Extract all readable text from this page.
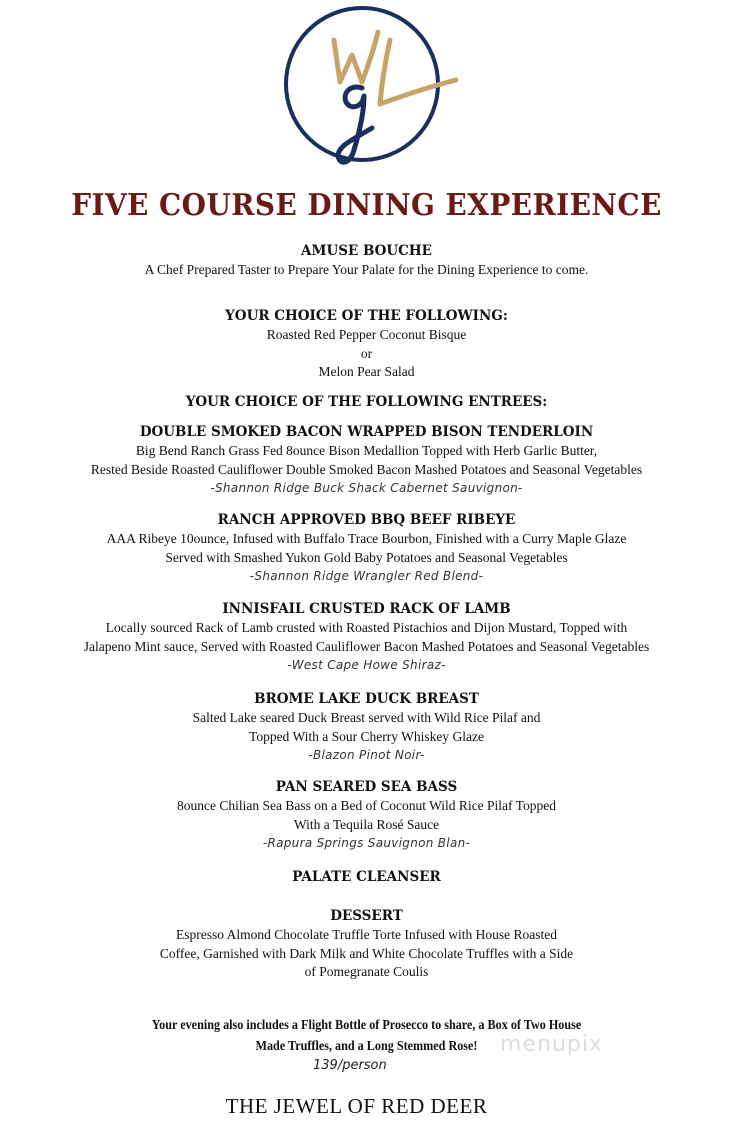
FIVE COURSE DINING EXPERIENCE
AMUSE BOUCHE
A Chef Prepared Taster to Prepare Your Palate for the Dining Experience to come.
YOUR CHOICE OF THE FOLLOWING:
Roasted Red Pepper Coconut Bisque
or
Melon Pear Salad
YOUR CHOICE OF THE FOLLOWING ENTREES:
DOUBLE SMOKED BACON WRAPPED BISON TENDERLOIN
Big Bend Ranch Grass Fed 8ounce Bison Medallion Topped with Herb Garlic Butter,
Rested Beside Roasted Cauliflower Double Smoked Bacon Mashed Potatoes and Seasonal Vegetables
-Shannon Ridge Buck Shack Cabernet Sauvignon-
RANCH APPROVED BBQ BEEF RIBEYE
AAA Ribeye 10ounce, Infused with Buffalo Trace Bourbon, Finished with a Curry Maple Glaze
Served with Smashed Yukon Gold Baby Potatoes and Seasonal Vegetables
-Shannon Ridge Wrangler Red Blend-
INNISFAIL CRUSTED RACK OF LAMB
Locally sourced Rack of Lamb crusted with Roasted Pistachios and Dijon Mustard, Topped with
Jalapeno Mint sauce, Served with Roasted Cauliflower Bacon Mashed Potatoes and Seasonal Vegetables
-West Cape Howe Shiraz-
BROME LAKE DUCK BREAST
Salted Lake seared Duck Breast served with Wild Rice Pilaf and
Topped With a Sour Cherry Whiskey Glaze
-Blazon Pinot Noir-
PAN SEARED SEA BASS
8ounce Chilian Sea Bass on a Bed of Coconut Wild Rice Pilaf Topped
With a Tequila Rosé Sauce
-Rapura Springs Sauvignon Blan-
PALATE CLEANSER
DESSERT
Espresso Almond Chocolate Truffle Torte Infused with House Roasted
Coffee, Garnished with Dark Milk and White Chocolate Truffles with a Side
of Pomegranate Coulis
Your evening also includes a Flight Bottle of Prosecco to share, a Box of Two House
Made Truffles, and a Long Stemmed Rose!	menupix
139/person
THE JEWEL OF RED DEER
